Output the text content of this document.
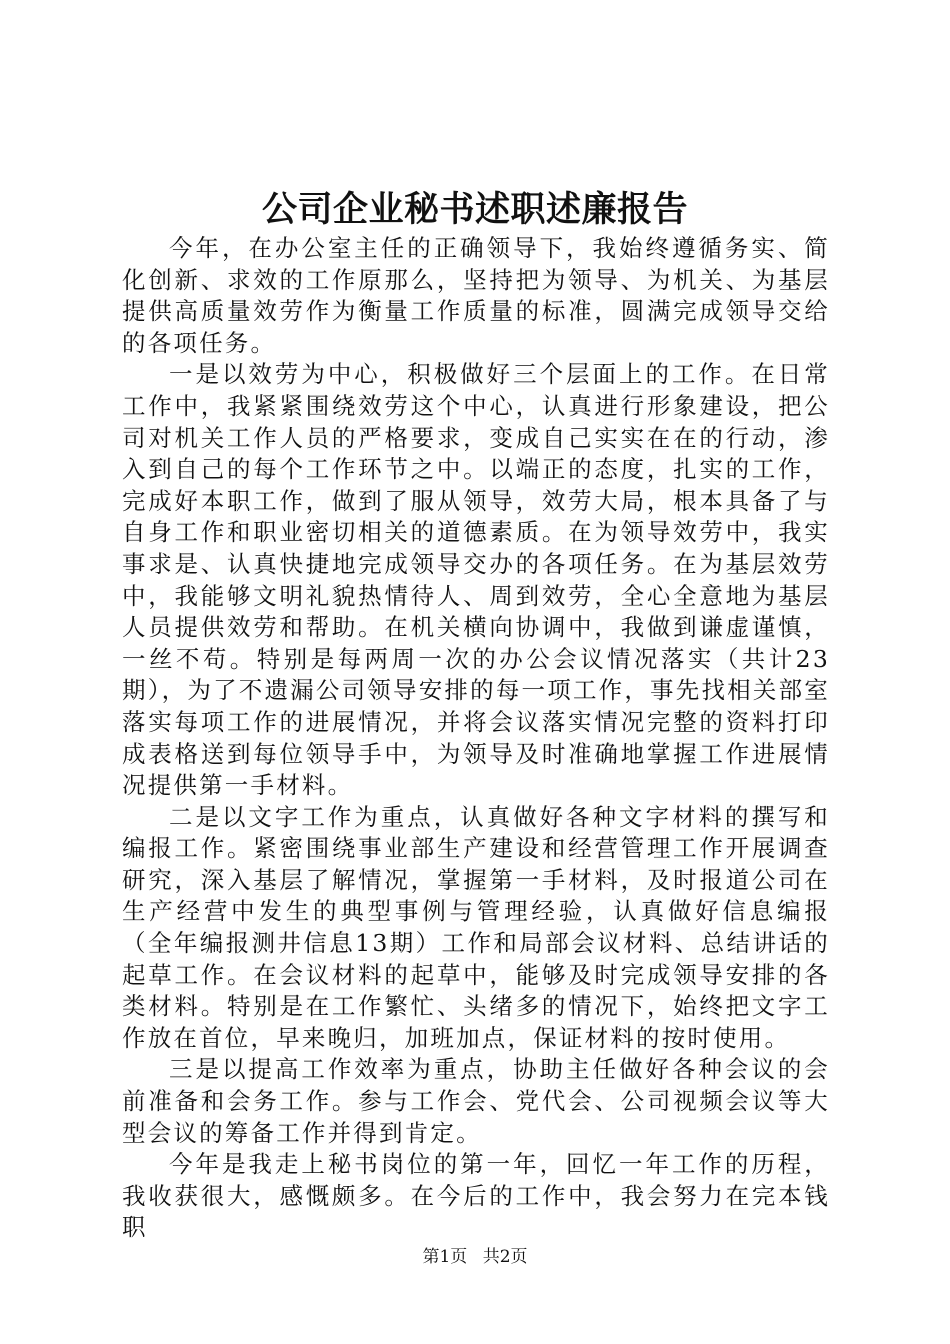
公司企业秘书述职述廉报告

今年，在办公室主任的正确领导下，我始终遵循务实、简化创新、求效的工作原那么，坚持把为领导、为机关、为基层提供高质量效劳作为衡量工作质量的标准，圆满完成领导交给的各项任务。

一是以效劳为中心，积极做好三个层面上的工作。在日常工作中，我紧紧围绕效劳这个中心，认真进行形象建设，把公司对机关工作人员的严格要求，变成自己实实在在的行动，渗入到自己的每个工作环节之中。以端正的态度，扎实的工作，完成好本职工作，做到了服从领导，效劳大局，根本具备了与自身工作和职业密切相关的道德素质。在为领导效劳中，我实事求是、认真快捷地完成领导交办的各项任务。在为基层效劳中，我能够文明礼貌热情待人、周到效劳，全心全意地为基层人员提供效劳和帮助。在机关横向协调中，我做到谦虚谨慎，一丝不苟。特别是每两周一次的办公会议情况落实（共计23期），为了不遗漏公司领导安排的每一项工作，事先找相关部室落实每项工作的进展情况，并将会议落实情况完整的资料打印成表格送到每位领导手中，为领导及时准确地掌握工作进展情况提供第一手材料。

二是以文字工作为重点，认真做好各种文字材料的撰写和编报工作。紧密围绕事业部生产建设和经营管理工作开展调查研究，深入基层了解情况，掌握第一手材料，及时报道公司在生产经营中发生的典型事例与管理经验，认真做好信息编报（全年编报测井信息13期）工作和局部会议材料、总结讲话的起草工作。在会议材料的起草中，能够及时完成领导安排的各类材料。特别是在工作繁忙、头绪多的情况下，始终把文字工作放在首位，早来晚归，加班加点，保证材料的按时使用。

三是以提高工作效率为重点，协助主任做好各种会议的会前准备和会务工作。参与工作会、党代会、公司视频会议等大型会议的筹备工作并得到肯定。

今年是我走上秘书岗位的第一年，回忆一年工作的历程，我收获很大，感慨颇多。在今后的工作中，我会努力在完本钱职

第1页 共2页
